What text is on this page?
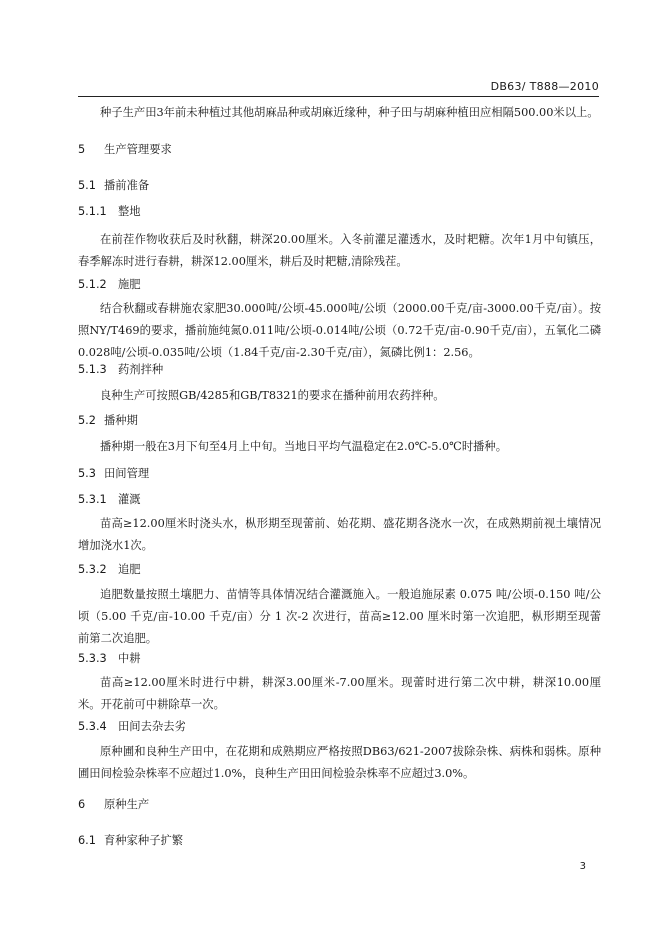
DB63/ T888—2010

种子生产田3年前未种植过其他胡麻品种或胡麻近缘种，种子田与胡麻种植田应相隔500.00米以上。

5 生产管理要求

5.1 播前准备

5.1.1 整地

在前茬作物收获后及时秋翻，耕深20.00厘米。入冬前灌足灌透水，及时耙糖。次年1月中旬镇压，春季解冻时进行春耕，耕深12.00厘米，耕后及时耙糖,清除残茬。

5.1.2 施肥

结合秋翻或春耕施农家肥30.000吨/公顷-45.000吨/公顷（2000.00千克/亩-3000.00千克/亩）。按照NY/T469的要求，播前施纯氮0.011吨/公顷-0.014吨/公顷（0.72千克/亩-0.90千克/亩），五氧化二磷0.028吨/公顷-0.035吨/公顷（1.84千克/亩-2.30千克/亩），氮磷比例1：2.56。

5.1.3 药剂拌种

良种生产可按照GB/4285和GB/T8321的要求在播种前用农药拌种。

5.2 播种期

播种期一般在3月下旬至4月上中旬。当地日平均气温稳定在2.0℃-5.0℃时播种。

5.3 田间管理

5.3.1 灌溉

苗高≥12.00厘米时浇头水，枞形期至现蕾前、始花期、盛花期各浇水一次，在成熟期前视土壤情况增加浇水1次。

5.3.2 追肥

追肥数量按照土壤肥力、苗情等具体情况结合灌溉施入。一般追施尿素 0.075 吨/公顷-0.150 吨/公顷（5.00 千克/亩-10.00 千克/亩）分 1 次-2 次进行，苗高≥12.00 厘米时第一次追肥，枞形期至现蕾前第二次追肥。

5.3.3 中耕

苗高≥12.00厘米时进行中耕，耕深3.00厘米-7.00厘米。现蕾时进行第二次中耕，耕深10.00厘米。开花前可中耕除草一次。

5.3.4 田间去杂去劣

原种圃和良种生产田中，在花期和成熟期应严格按照DB63/621-2007拔除杂株、病株和弱株。原种圃田间检验杂株率不应超过1.0%，良种生产田田间检验杂株率不应超过3.0%。

6 原种生产

6.1 育种家种子扩繁

3
